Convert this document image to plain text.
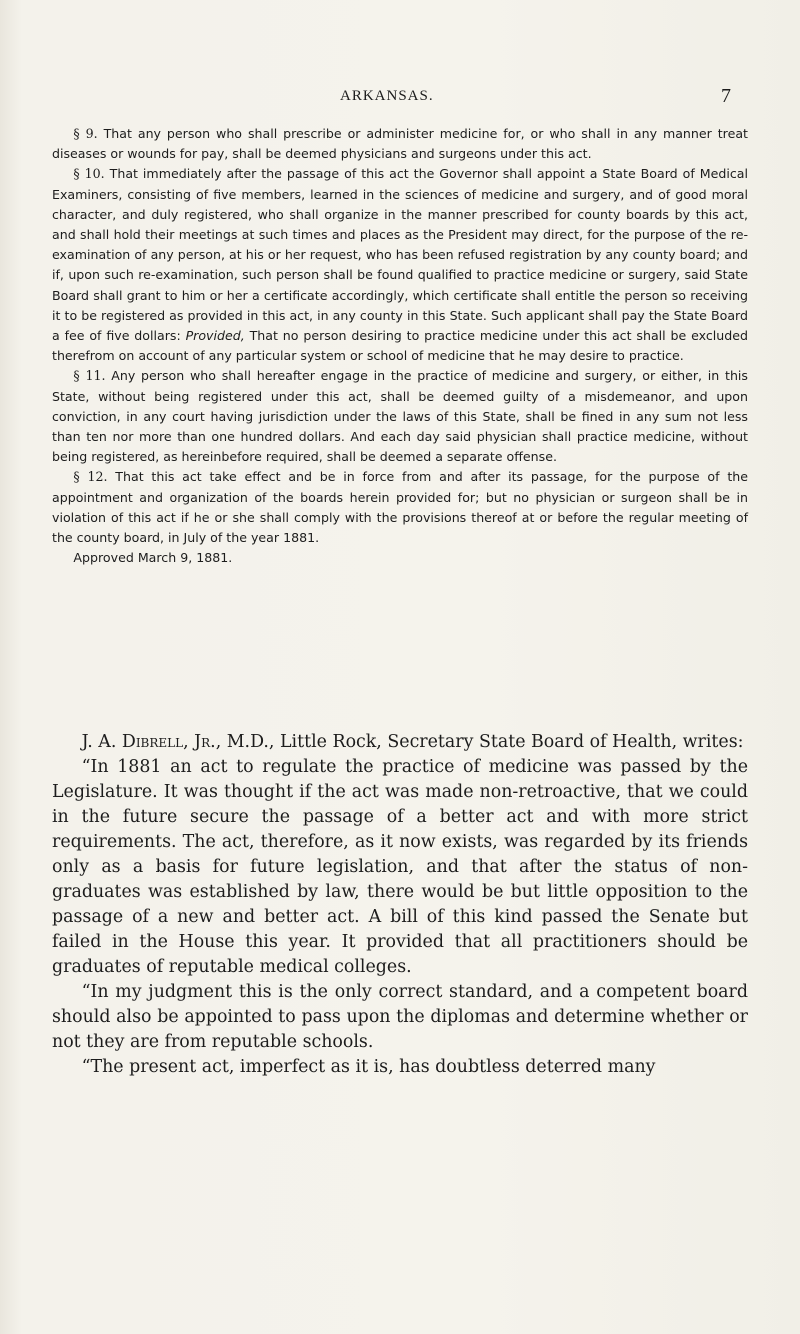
ARKANSAS.	7

§ 9. That any person who shall prescribe or administer medicine for, or who shall in any manner treat diseases or wounds for pay, shall be deemed physicians and surgeons under this act.

§ 10. That immediately after the passage of this act the Governor shall appoint a State Board of Medical Examiners, consisting of five members, learned in the sciences of medicine and surgery, and of good moral character, and duly registered, who shall organize in the manner prescribed for county boards by this act, and shall hold their meetings at such times and places as the President may direct, for the purpose of the re-examination of any person, at his or her request, who has been refused registration by any county board; and if, upon such re-examination, such person shall be found qualified to practice medicine or surgery, said State Board shall grant to him or her a certificate accordingly, which certificate shall entitle the person so receiving it to be registered as provided in this act, in any county in this State. Such applicant shall pay the State Board a fee of five dollars: Provided, That no person desiring to practice medicine under this act shall be excluded therefrom on account of any particular system or school of medicine that he may desire to practice.

§ 11. Any person who shall hereafter engage in the practice of medicine and surgery, or either, in this State, without being registered under this act, shall be deemed guilty of a misdemeanor, and upon conviction, in any court having jurisdiction under the laws of this State, shall be fined in any sum not less than ten nor more than one hundred dollars. And each day said physician shall practice medicine, without being registered, as hereinbefore required, shall be deemed a separate offense.

§ 12. That this act take effect and be in force from and after its passage, for the purpose of the appointment and organization of the boards herein provided for; but no physician or surgeon shall be in violation of this act if he or she shall comply with the provisions thereof at or before the regular meeting of the county board, in July of the year 1881.

Approved March 9, 1881.

J. A. Dibrell, Jr., M.D., Little Rock, Secretary State Board of Health, writes:

“In 1881 an act to regulate the practice of medicine was passed by the Legislature. It was thought if the act was made non-retroactive, that we could in the future secure the passage of a better act and with more strict requirements. The act, therefore, as it now exists, was regarded by its friends only as a basis for future legislation, and that after the status of non-graduates was established by law, there would be but little opposition to the passage of a new and better act. A bill of this kind passed the Senate but failed in the House this year. It provided that all practitioners should be graduates of reputable medical colleges.

“In my judgment this is the only correct standard, and a competent board should also be appointed to pass upon the diplomas and determine whether or not they are from reputable schools.

“The present act, imperfect as it is, has doubtless deterred many
